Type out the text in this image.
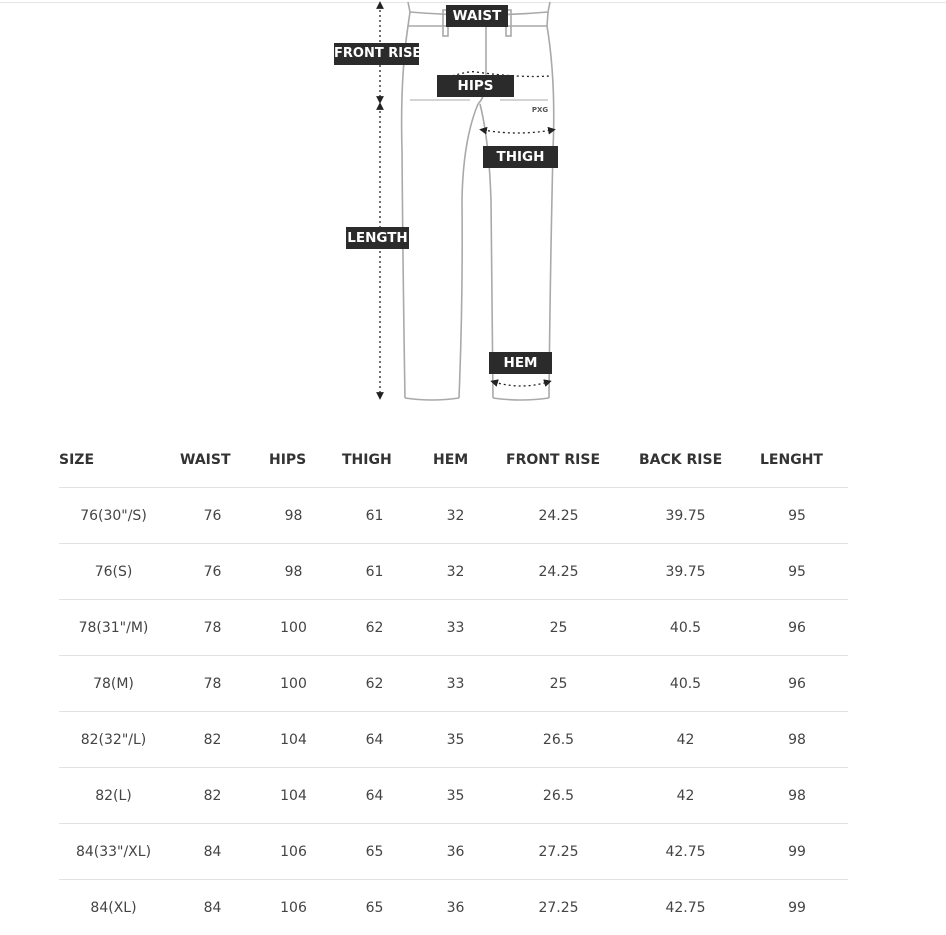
PXG
WAIST
FRONT RISE
HIPS
THIGH
LENGTH
HEM
SIZE	WAIST	HIPS	THIGH	HEM	FRONT RISE	BACK RISE	LENGHT
76(30"/S)	76	98	61	32	24.25	39.75	95
76(S)	76	98	61	32	24.25	39.75	95
78(31"/M)	78	100	62	33	25	40.5	96
78(M)	78	100	62	33	25	40.5	96
82(32"/L)	82	104	64	35	26.5	42	98
82(L)	82	104	64	35	26.5	42	98
84(33"/XL)	84	106	65	36	27.25	42.75	99
84(XL)	84	106	65	36	27.25	42.75	99
